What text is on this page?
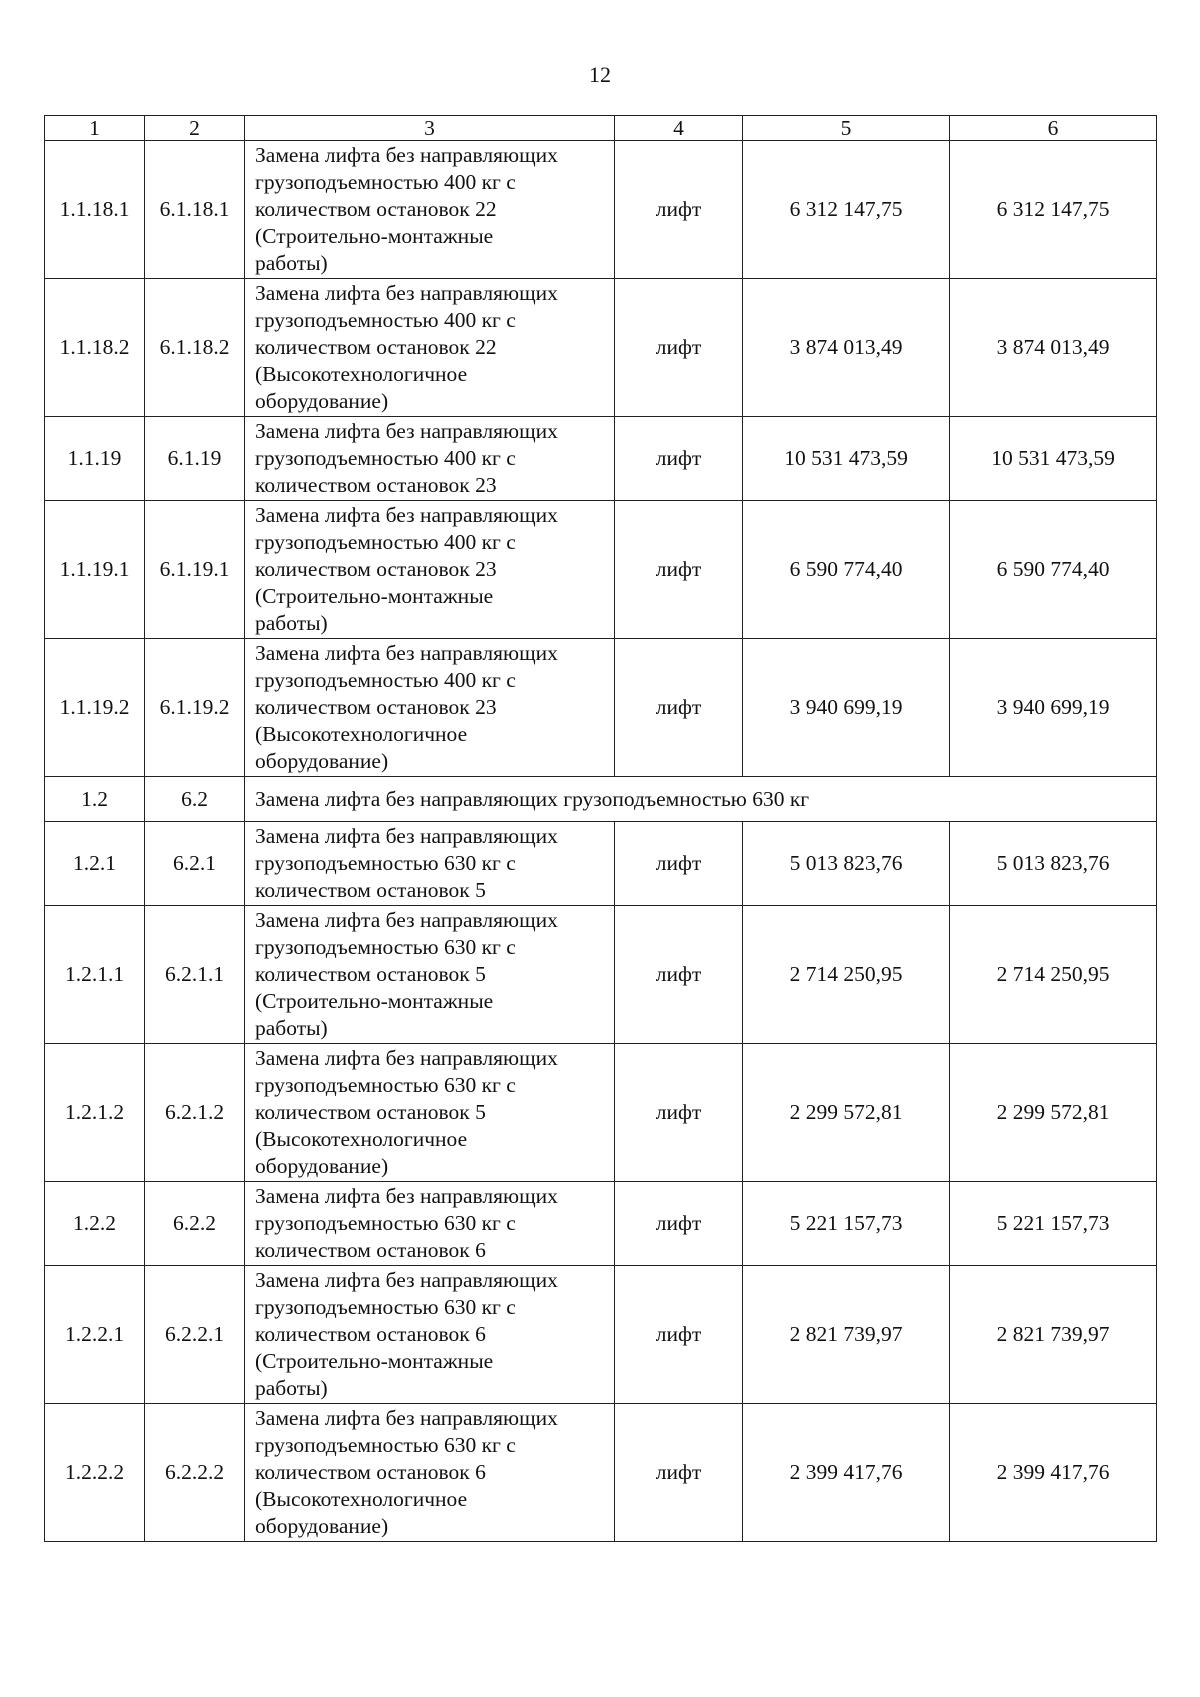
12
1	2	3	4	5	6
1.1.18.1	6.1.18.1	Замена лифта без направляющих
грузоподъемностью 400 кг с
количеством остановок 22
(Строительно-монтажные
работы)	лифт	6 312 147,75	6 312 147,75
1.1.18.2	6.1.18.2	Замена лифта без направляющих
грузоподъемностью 400 кг с
количеством остановок 22
(Высокотехнологичное
оборудование)	лифт	3 874 013,49	3 874 013,49
1.1.19	6.1.19	Замена лифта без направляющих
грузоподъемностью 400 кг с
количеством остановок 23	лифт	10 531 473,59	10 531 473,59
1.1.19.1	6.1.19.1	Замена лифта без направляющих
грузоподъемностью 400 кг с
количеством остановок 23
(Строительно-монтажные
работы)	лифт	6 590 774,40	6 590 774,40
1.1.19.2	6.1.19.2	Замена лифта без направляющих
грузоподъемностью 400 кг с
количеством остановок 23
(Высокотехнологичное
оборудование)	лифт	3 940 699,19	3 940 699,19
1.2	6.2	Замена лифта без направляющих грузоподъемностью 630 кг			
1.2.1	6.2.1	Замена лифта без направляющих
грузоподъемностью 630 кг с
количеством остановок 5	лифт	5 013 823,76	5 013 823,76
1.2.1.1	6.2.1.1	Замена лифта без направляющих
грузоподъемностью 630 кг с
количеством остановок 5
(Строительно-монтажные
работы)	лифт	2 714 250,95	2 714 250,95
1.2.1.2	6.2.1.2	Замена лифта без направляющих
грузоподъемностью 630 кг с
количеством остановок 5
(Высокотехнологичное
оборудование)	лифт	2 299 572,81	2 299 572,81
1.2.2	6.2.2	Замена лифта без направляющих
грузоподъемностью 630 кг с
количеством остановок 6	лифт	5 221 157,73	5 221 157,73
1.2.2.1	6.2.2.1	Замена лифта без направляющих
грузоподъемностью 630 кг с
количеством остановок 6
(Строительно-монтажные
работы)	лифт	2 821 739,97	2 821 739,97
1.2.2.2	6.2.2.2	Замена лифта без направляющих
грузоподъемностью 630 кг с
количеством остановок 6
(Высокотехнологичное
оборудование)	лифт	2 399 417,76	2 399 417,76
